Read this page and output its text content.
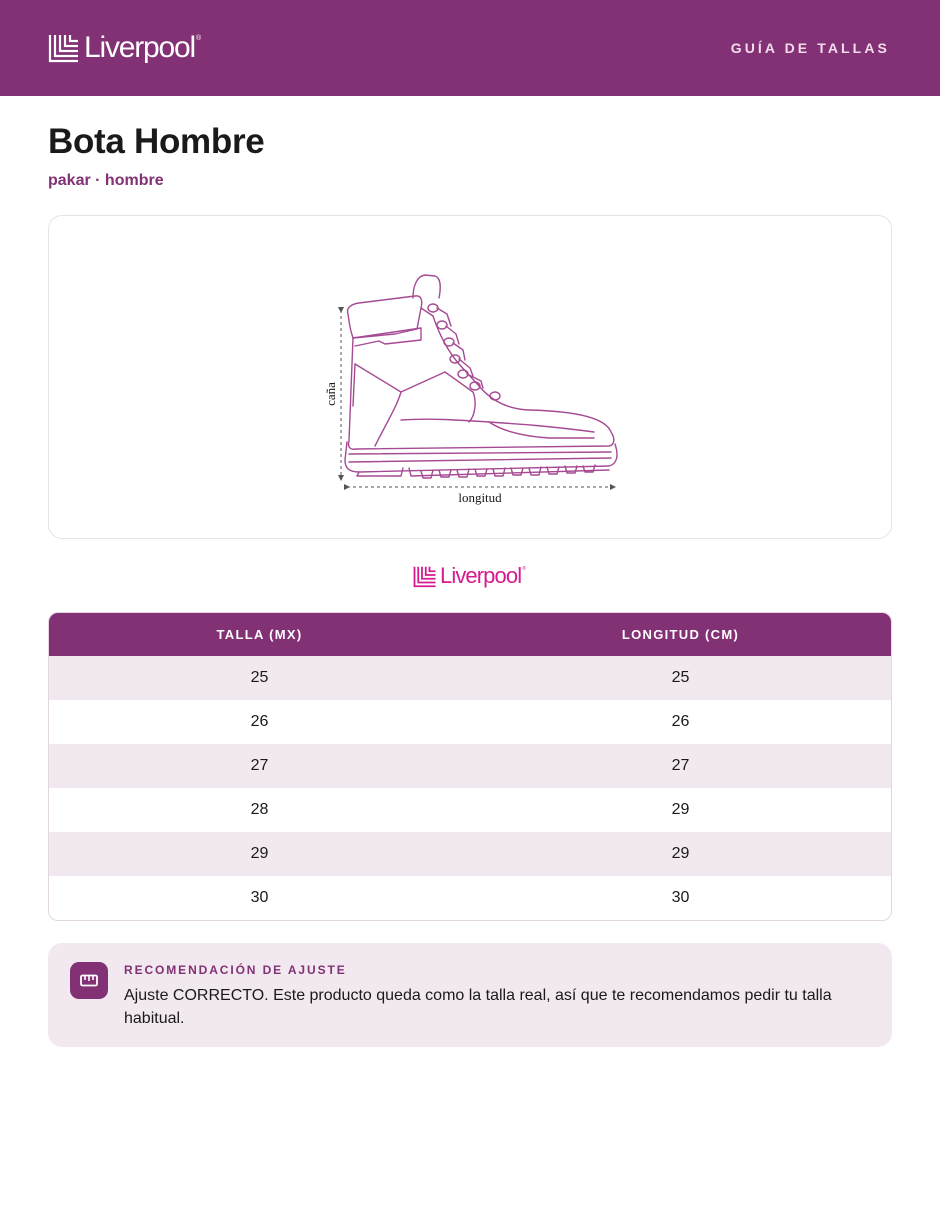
Liverpool ®
GUÍA DE TALLAS
Bota Hombre
pakar · hombre
caña
longitud
Liverpool ®
TALLA (MX)	LONGITUD (CM)
25	25
26	26
27	27
28	29
29	29
30	30
RECOMENDACIÓN DE AJUSTE
Ajuste CORRECTO. Este producto queda como la talla real, así que te recomendamos pedir tu talla habitual.
